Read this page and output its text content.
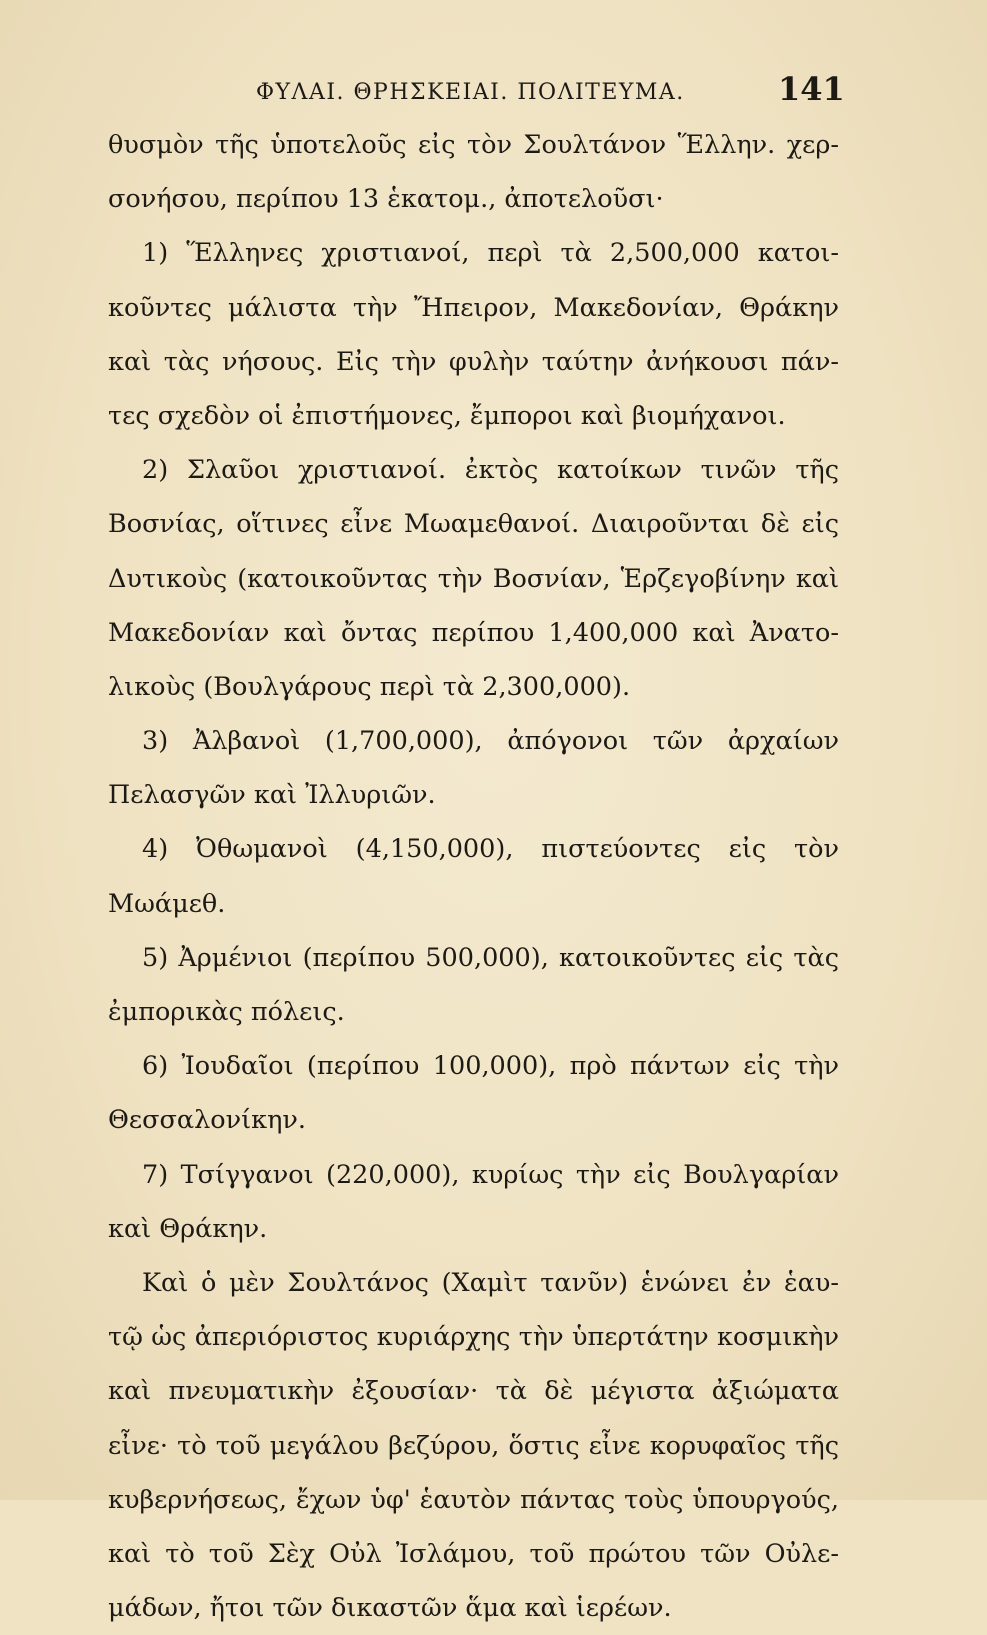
ΦΥΛΑΙ. ΘΡΗΣΚΕΙΑΙ. ΠΟΛΙΤΕΥΜΑ.	141
θυσμὸν τῆς ὑποτελοῦς εἰς τὸν Σουλτάνον Ἕλλην. χερ-
σονήσου, περίπου 13 ἑκατομ., ἀποτελοῦσι·
1) Ἕλληνες χριστιανοί, περὶ τὰ 2,500,000 κατοι-
κοῦντες μάλιστα τὴν Ἤπειρον, Μακεδονίαν, Θράκην
καὶ τὰς νήσους. Εἰς τὴν φυλὴν ταύτην ἀνήκουσι πάν-
τες σχεδὸν οἱ ἐπιστήμονες, ἔμποροι καὶ βιομήχανοι.
2) Σλαῦοι χριστιανοί. ἐκτὸς κατοίκων τινῶν τῆς
Βοσνίας, οἵτινες εἶνε Μωαμεθανοί. Διαιροῦνται δὲ εἰς
Δυτικοὺς (κατοικοῦντας τὴν Βοσνίαν, Ἑρζεγοβίνην καὶ
Μακεδονίαν καὶ ὄντας περίπου 1,400,000 καὶ Ἀνατο-
λικοὺς (Βουλγάρους περὶ τὰ 2,300,000).
3) Ἀλβανοὶ (1,700,000), ἀπόγονοι τῶν ἀρχαίων
Πελασγῶν καὶ Ἰλλυριῶν.
4) Ὀθωμανοὶ (4,150,000), πιστεύοντες εἰς τὸν
Μωάμεθ.
5) Ἀρμένιοι (περίπου 500,000), κατοικοῦντες εἰς τὰς
ἐμπορικὰς πόλεις.
6) Ἰουδαῖοι (περίπου 100,000), πρὸ πάντων εἰς τὴν
Θεσσαλονίκην.
7) Τσίγγανοι (220,000), κυρίως τὴν εἰς Βουλγαρίαν
καὶ Θράκην.
Καὶ ὁ μὲν Σουλτάνος (Χαμὶτ τανῦν) ἑνώνει ἐν ἑαυ-
τῷ ὡς ἀπεριόριστος κυριάρχης τὴν ὑπερτάτην κοσμικὴν
καὶ πνευματικὴν ἐξουσίαν· τὰ δὲ μέγιστα ἀξιώματα
εἶνε· τὸ τοῦ μεγάλου βεζύρου, ὅστις εἶνε κορυφαῖος τῆς
κυβερνήσεως, ἔχων ὑφ' ἑαυτὸν πάντας τοὺς ὑπουργούς,
καὶ τὸ τοῦ Σὲχ Οὐλ Ἰσλάμου, τοῦ πρώτου τῶν Οὐλε-
μάδων, ἤτοι τῶν δικαστῶν ἅμα καὶ ἱερέων.
